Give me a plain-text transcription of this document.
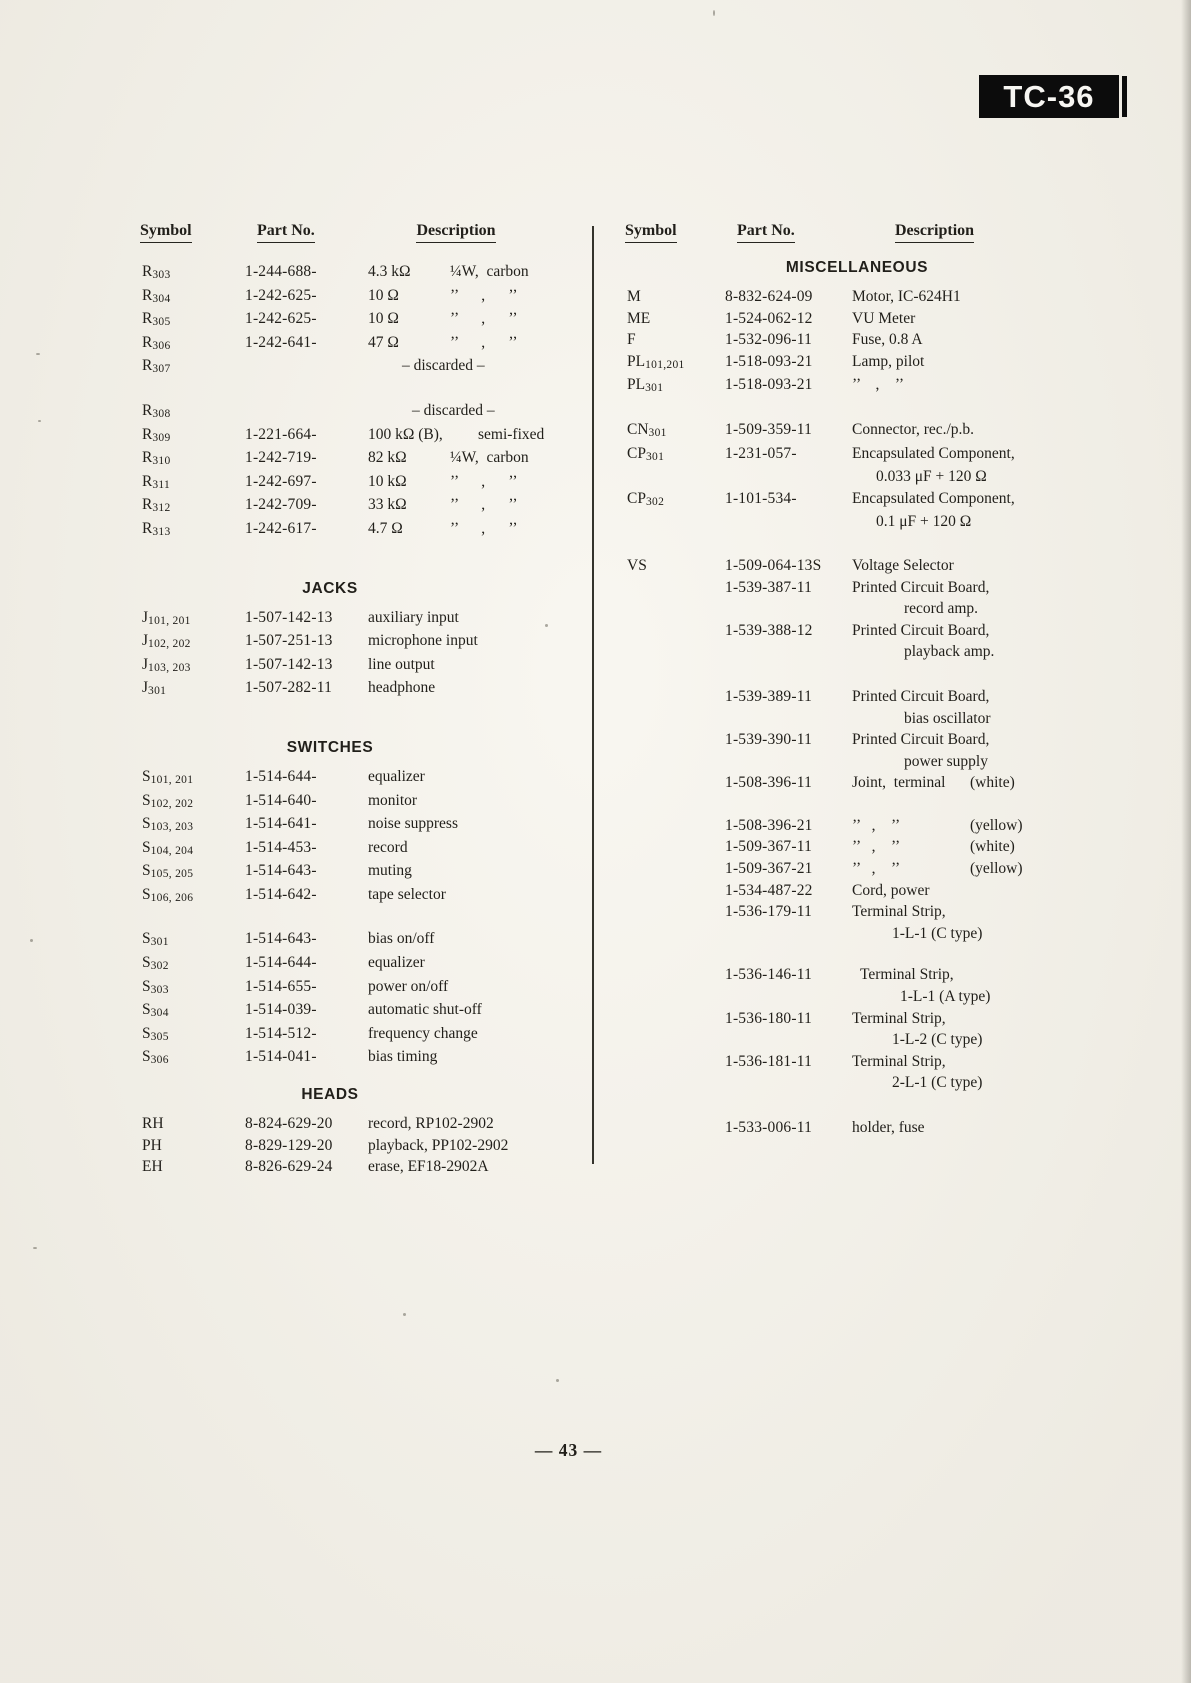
TC-36
Symbol	Part No.	Description
R303	1-244-688-	4.3 kΩ	¼W,  carbon
R304	1-242-625-	10 Ω	’’      ,      ’’
R305	1-242-625-	10 Ω	’’      ,      ’’
R306	1-242-641-	47 Ω	’’      ,      ’’
R307	– discarded –
R308	– discarded –
R309	1-221-664-	100 kΩ (B), semi-fixed
R310	1-242-719-	82 kΩ	¼W,  carbon
R311	1-242-697-	10 kΩ	’’      ,      ’’
R312	1-242-709-	33 kΩ	’’      ,      ’’
R313	1-242-617-	4.7 Ω	’’      ,      ’’
JACKS
J101, 201	1-507-142-13	auxiliary input
J102, 202	1-507-251-13	microphone input
J103, 203	1-507-142-13	line output
J301	1-507-282-11	headphone
SWITCHES
S101, 201	1-514-644-	equalizer
S102, 202	1-514-640-	monitor
S103, 203	1-514-641-	noise suppress
S104, 204	1-514-453-	record
S105, 205	1-514-643-	muting
S106, 206	1-514-642-	tape selector
S301	1-514-643-	bias on/off
S302	1-514-644-	equalizer
S303	1-514-655-	power on/off
S304	1-514-039-	automatic shut-off
S305	1-514-512-	frequency change
S306	1-514-041-	bias timing
HEADS
RH	8-824-629-20	record, RP102-2902
PH	8-829-129-20	playback, PP102-2902
EH	8-826-629-24	erase, EF18-2902A
Symbol	Part No.	Description
MISCELLANEOUS
M	8-832-624-09	Motor, IC-624H1
ME	1-524-062-12	VU Meter
F	1-532-096-11	Fuse, 0.8 A
PL101,201	1-518-093-21	Lamp, pilot
PL301	1-518-093-21	’’    ,    ’’
CN301	1-509-359-11	Connector, rec./p.b.
CP301	1-231-057-	Encapsulated Component,
0.033 μF + 120 Ω
CP302	1-101-534-	Encapsulated Component,
0.1 μF + 120 Ω
VS	1-509-064-13S	Voltage Selector
1-539-387-11	Printed Circuit Board,
record amp.
1-539-388-12	Printed Circuit Board,
playback amp.
1-539-389-11	Printed Circuit Board,
bias oscillator
1-539-390-11	Printed Circuit Board,
power supply
1-508-396-11	Joint,  terminal (white)
1-508-396-21	’’   ,    ’’	(yellow)
1-509-367-11	’’   ,    ’’	(white)
1-509-367-21	’’   ,    ’’	(yellow)
1-534-487-22	Cord, power
1-536-179-11	Terminal Strip,
1-L-1 (C type)
1-536-146-11	Terminal Strip,
1-L-1 (A type)
1-536-180-11	Terminal Strip,
1-L-2 (C type)
1-536-181-11	Terminal Strip,
2-L-1 (C type)
1-533-006-11	holder, fuse
— 43 —
